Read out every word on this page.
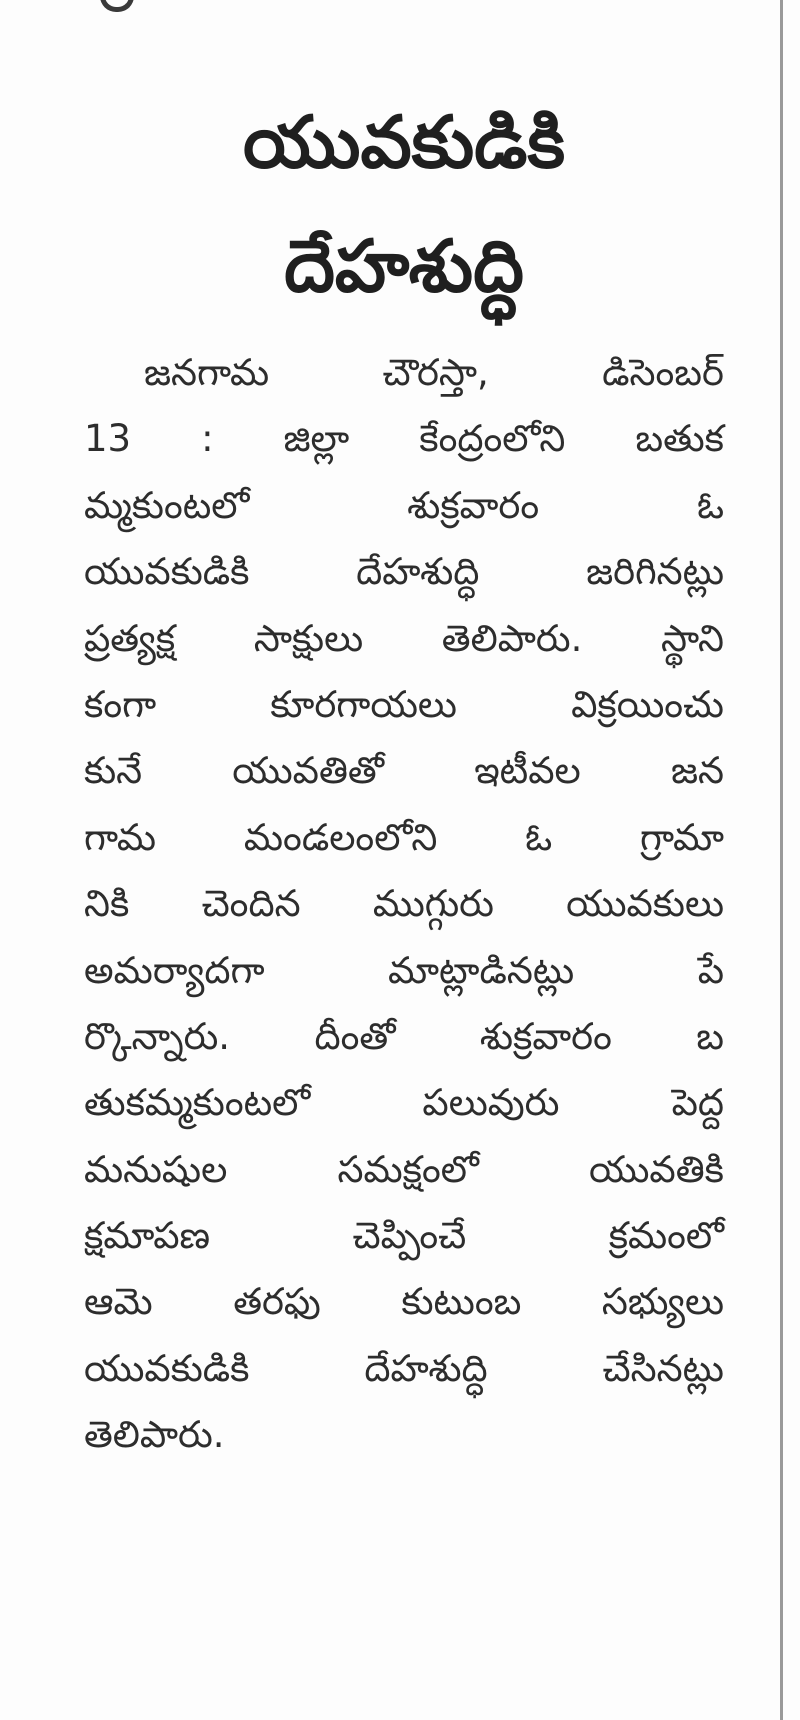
యువకుడికి
దేహశుద్ధి
జనగామ చౌరస్తా, డిసెంబర్
13 : జిల్లా కేంద్రంలోని బతుక
మ్మకుంటలో శుక్రవారం ఓ
యువకుడికి దేహశుద్ధి జరిగినట్లు
ప్రత్యక్ష సాక్షులు తెలిపారు. స్థాని
కంగా కూరగాయలు విక్రయించు
కునే యువతితో ఇటీవల జన
గామ మండలంలోని ఓ గ్రామా
నికి చెందిన ముగ్గురు యువకులు
అమర్యాదగా మాట్లాడినట్లు పే
ర్కొన్నారు. దీంతో శుక్రవారం బ
తుకమ్మకుంటలో పలువురు పెద్ద
మనుషుల సమక్షంలో యువతికి
క్షమాపణ చెప్పించే క్రమంలో
ఆమె తరఫు కుటుంబ సభ్యులు
యువకుడికి దేహశుద్ధి చేసినట్లు
తెలిపారు.
